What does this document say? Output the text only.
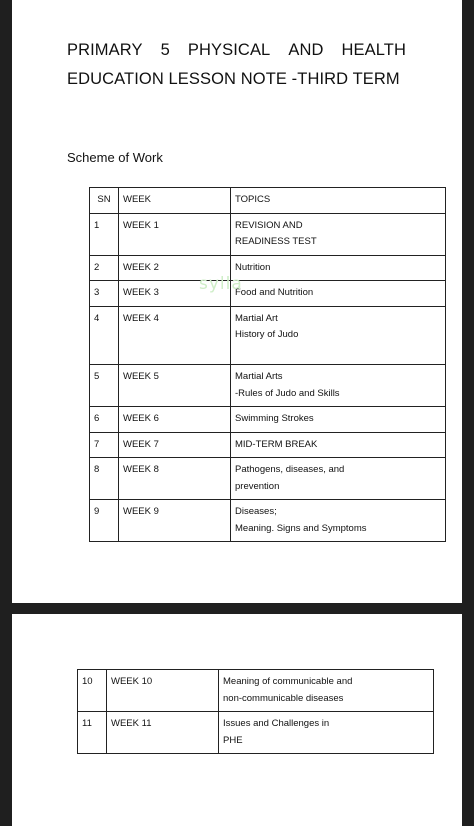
PRIMARY 5 PHYSICAL AND HEALTH
EDUCATION LESSON NOTE -THIRD TERM
Scheme of Work
SN	WEEK	TOPICS
1	WEEK 1	REVISION AND
READINESS TEST

2	WEEK 2	Nutrition

3	WEEK 3	Food and Nutrition

4	WEEK 4	Martial Art
History of Judo

5	WEEK 5	Martial Arts
-Rules of Judo and Skills

6	WEEK 6	Swimming Strokes

7	WEEK 7	MID-TERM BREAK

8	WEEK 8	Pathogens, diseases, and
prevention

9	WEEK 9	Diseases;
Meaning. Signs and Symptoms
sylla
10	WEEK 10	Meaning of communicable and
non-communicable diseases

11	WEEK 11	Issues and Challenges in
PHE
